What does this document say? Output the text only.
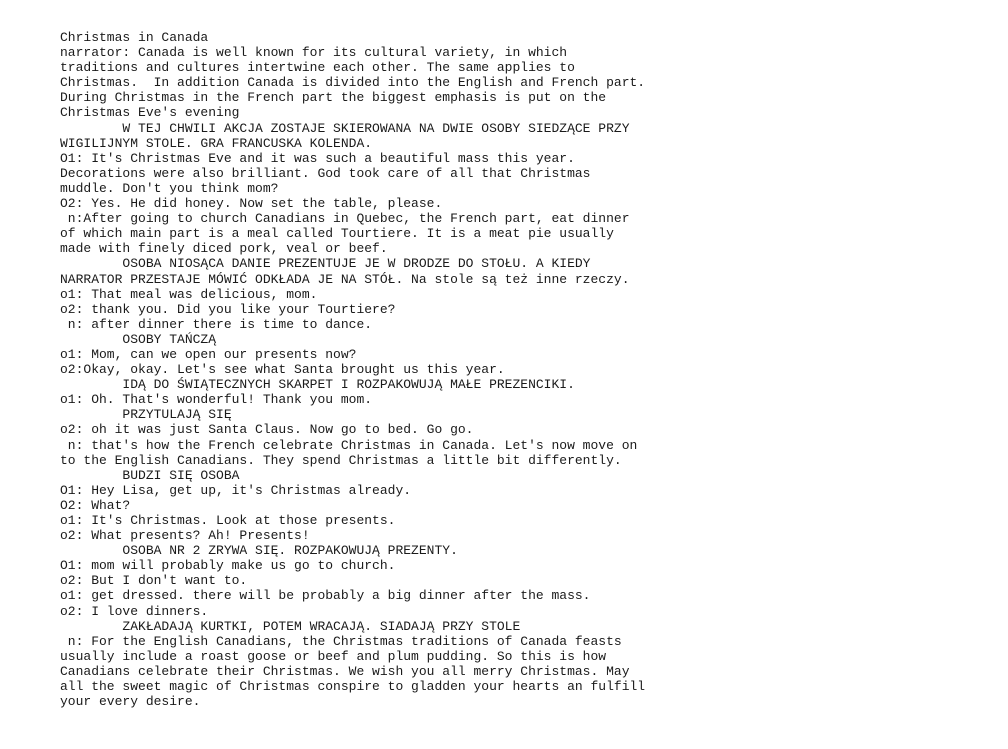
Christmas in Canada
narrator: Canada is well known for its cultural variety, in which
traditions and cultures intertwine each other. The same applies to
Christmas.  In addition Canada is divided into the English and French part.
During Christmas in the French part the biggest emphasis is put on the
Christmas Eve's evening
W TEJ CHWILI AKCJA ZOSTAJE SKIEROWANA NA DWIE OSOBY SIEDZĄCE PRZY
WIGILIJNYM STOLE. GRA FRANCUSKA KOLENDA.
O1: It's Christmas Eve and it was such a beautiful mass this year.
Decorations were also brilliant. God took care of all that Christmas
muddle. Don't you think mom?
O2: Yes. He did honey. Now set the table, please.
n:After going to church Canadians in Quebec, the French part, eat dinner
of which main part is a meal called Tourtiere. It is a meat pie usually
made with finely diced pork, veal or beef.
OSOBA NIOSĄCA DANIE PREZENTUJE JE W DRODZE DO STOŁU. A KIEDY
NARRATOR PRZESTAJE MÓWIĆ ODKŁADA JE NA STÓŁ. Na stole są też inne rzeczy.
o1: That meal was delicious, mom.
o2: thank you. Did you like your Tourtiere?
n: after dinner there is time to dance.
OSOBY TAŃCZĄ
o1: Mom, can we open our presents now?
o2:Okay, okay. Let's see what Santa brought us this year.
IDĄ DO ŚWIĄTECZNYCH SKARPET I ROZPAKOWUJĄ MAŁE PREZENCIKI.
o1: Oh. That's wonderful! Thank you mom.
PRZYTULAJĄ SIĘ
o2: oh it was just Santa Claus. Now go to bed. Go go.
n: that's how the French celebrate Christmas in Canada. Let's now move on
to the English Canadians. They spend Christmas a little bit differently.
BUDZI SIĘ OSOBA
O1: Hey Lisa, get up, it's Christmas already.
O2: What?
o1: It's Christmas. Look at those presents.
o2: What presents? Ah! Presents!
OSOBA NR 2 ZRYWA SIĘ. ROZPAKOWUJĄ PREZENTY.
O1: mom will probably make us go to church.
o2: But I don't want to.
o1: get dressed. there will be probably a big dinner after the mass.
o2: I love dinners.
ZAKŁADAJĄ KURTKI, POTEM WRACAJĄ. SIADAJĄ PRZY STOLE
n: For the English Canadians, the Christmas traditions of Canada feasts
usually include a roast goose or beef and plum pudding. So this is how
Canadians celebrate their Christmas. We wish you all merry Christmas. May
all the sweet magic of Christmas conspire to gladden your hearts an fulfill
your every desire.
